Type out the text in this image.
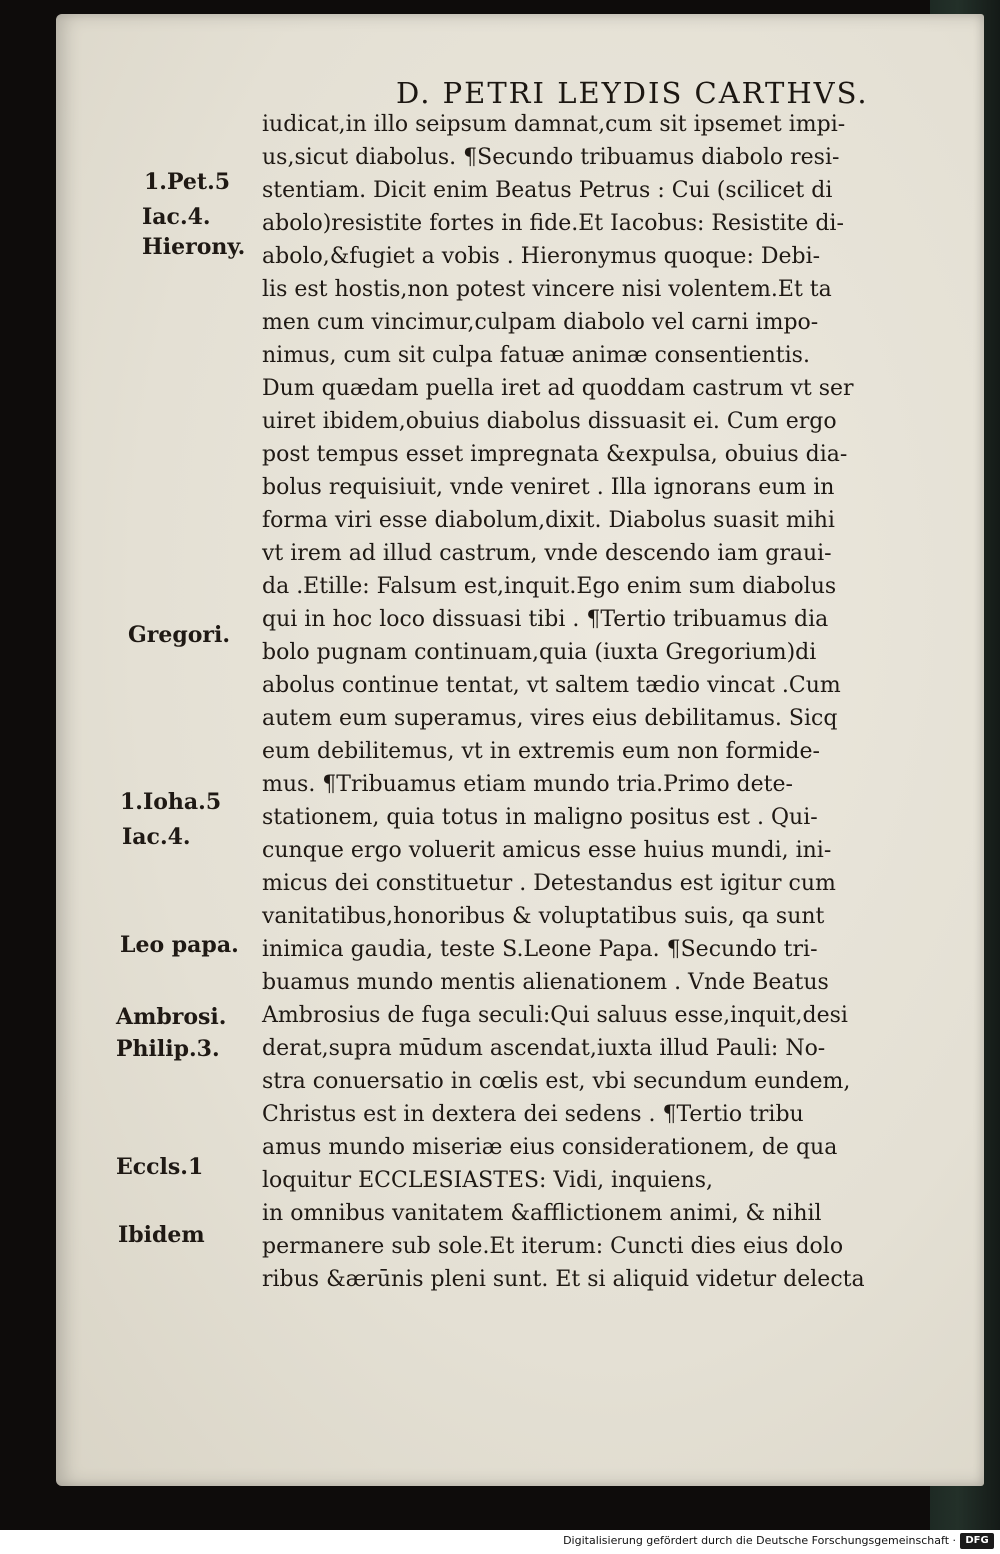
D. PETRI LEYDIS CARTHVS.
1.Pet.5
Iac.4.
Hierony.
Gregori.
1.Ioha.5
Iac.4.
Leo papa.
Ambrosi.
Philip.3.
Eccls.1
Ibidem
iudicat,in illo seipsum damnat,cum sit ipsemet impi-
us,sicut diabolus. ¶Secundo tribuamus diabolo resi-
stentiam. Dicit enim Beatus Petrus : Cui (scilicet di
abolo)resistite fortes in fide.Et Iacobus: Resistite di-
abolo,&fugiet a vobis . Hieronymus quoque: Debi-
lis est hostis,non potest vincere nisi volentem.Et ta
men cum vincimur,culpam diabolo vel carni impo-
nimus, cum sit culpa fatuæ animæ consentientis.
Dum quædam puella iret ad quoddam castrum vt ser
uiret ibidem,obuius diabolus dissuasit ei. Cum ergo
post tempus esset impregnata &expulsa, obuius dia-
bolus requisiuit, vnde veniret . Illa ignorans eum in
forma viri esse diabolum,dixit. Diabolus suasit mihi
vt irem ad illud castrum, vnde descendo iam graui-
da .Etille: Falsum est,inquit.Ego enim sum diabolus
qui in hoc loco dissuasi tibi . ¶Tertio tribuamus dia
bolo pugnam continuam,quia (iuxta Gregorium)di
abolus continue tentat, vt saltem tædio vincat .Cum
autem eum superamus, vires eius debilitamus. Sicq
eum debilitemus, vt in extremis eum non formide-
mus. ¶Tribuamus etiam mundo tria.Primo dete-
stationem, quia totus in maligno positus est . Qui-
cunque ergo voluerit amicus esse huius mundi, ini-
micus dei constituetur . Detestandus est igitur cum
vanitatibus,honoribus & voluptatibus suis, qa sunt
inimica gaudia, teste S.Leone Papa. ¶Secundo tri-
buamus mundo mentis alienationem . Vnde Beatus
Ambrosius de fuga seculi:Qui saluus esse,inquit,desi
derat,supra mūdum ascendat,iuxta illud Pauli: No-
stra conuersatio in cœlis est, vbi secundum eundem,
Christus est in dextera dei sedens . ¶Tertio tribu
amus mundo miseriæ eius considerationem, de qua
loquitur ECCLESIASTES: Vidi, inquiens,
in omnibus vanitatem &afflictionem animi, & nihil
permanere sub sole.Et iterum: Cuncti dies eius dolo
ribus &ærūnis pleni sunt. Et si aliquid videtur delecta
Digitalisierung gefördert durch die Deutsche Forschungsgemeinschaft · DFG
